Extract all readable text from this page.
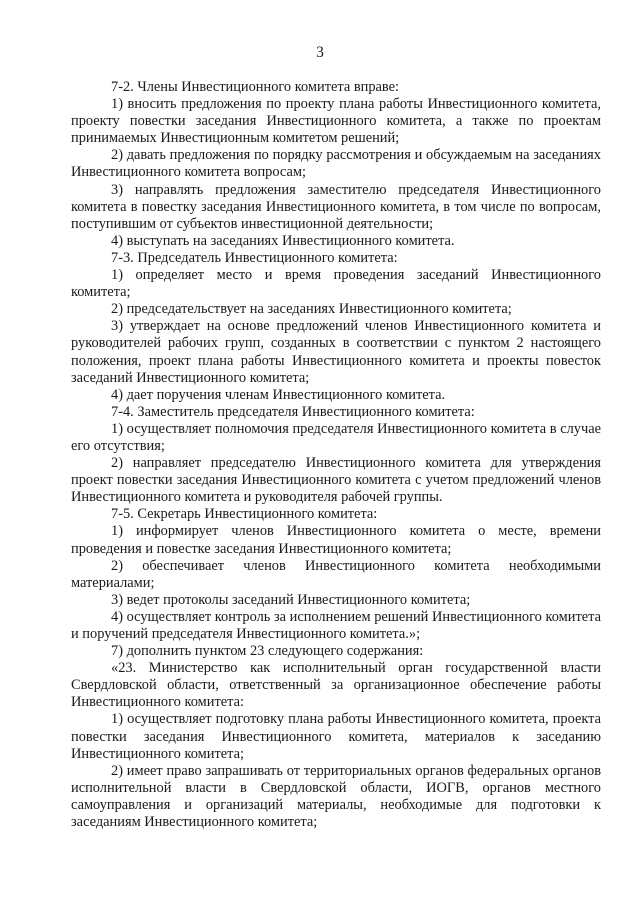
3

7-2. Члены Инвестиционного комитета вправе:

1) вносить предложения по проекту плана работы Инвестиционного комитета, проекту повестки заседания Инвестиционного комитета, а также по проектам принимаемых Инвестиционным комитетом решений;

2) давать предложения по порядку рассмотрения и обсуждаемым на заседаниях Инвестиционного комитета вопросам;

3) направлять предложения заместителю председателя Инвестиционного комитета в повестку заседания Инвестиционного комитета, в том числе по вопросам, поступившим от субъектов инвестиционной деятельности;

4) выступать на заседаниях Инвестиционного комитета.

7-3. Председатель Инвестиционного комитета:

1) определяет место и время проведения заседаний Инвестиционного комитета;

2) председательствует на заседаниях Инвестиционного комитета;

3) утверждает на основе предложений членов Инвестиционного комитета и руководителей рабочих групп, созданных в соответствии с пунктом 2 настоящего положения, проект плана работы Инвестиционного комитета и проекты повесток заседаний Инвестиционного комитета;

4) дает поручения членам Инвестиционного комитета.

7-4. Заместитель председателя Инвестиционного комитета:

1) осуществляет полномочия председателя Инвестиционного комитета в случае его отсутствия;

2) направляет председателю Инвестиционного комитета для утверждения проект повестки заседания Инвестиционного комитета с учетом предложений членов Инвестиционного комитета и руководителя рабочей группы.

7-5. Секретарь Инвестиционного комитета:

1) информирует членов Инвестиционного комитета о месте, времени проведения и повестке заседания Инвестиционного комитета;

2) обеспечивает членов Инвестиционного комитета необходимыми материалами;

3) ведет протоколы заседаний Инвестиционного комитета;

4) осуществляет контроль за исполнением решений Инвестиционного комитета и поручений председателя Инвестиционного комитета.»;

7) дополнить пунктом 23 следующего содержания:

«23. Министерство как исполнительный орган государственной власти Свердловской области, ответственный за организационное обеспечение работы Инвестиционного комитета:

1) осуществляет подготовку плана работы Инвестиционного комитета, проекта повестки заседания Инвестиционного комитета, материалов к заседанию Инвестиционного комитета;

2) имеет право запрашивать от территориальных органов федеральных органов исполнительной власти в Свердловской области, ИОГВ, органов местного самоуправления и организаций материалы, необходимые для подготовки к заседаниям Инвестиционного комитета;
